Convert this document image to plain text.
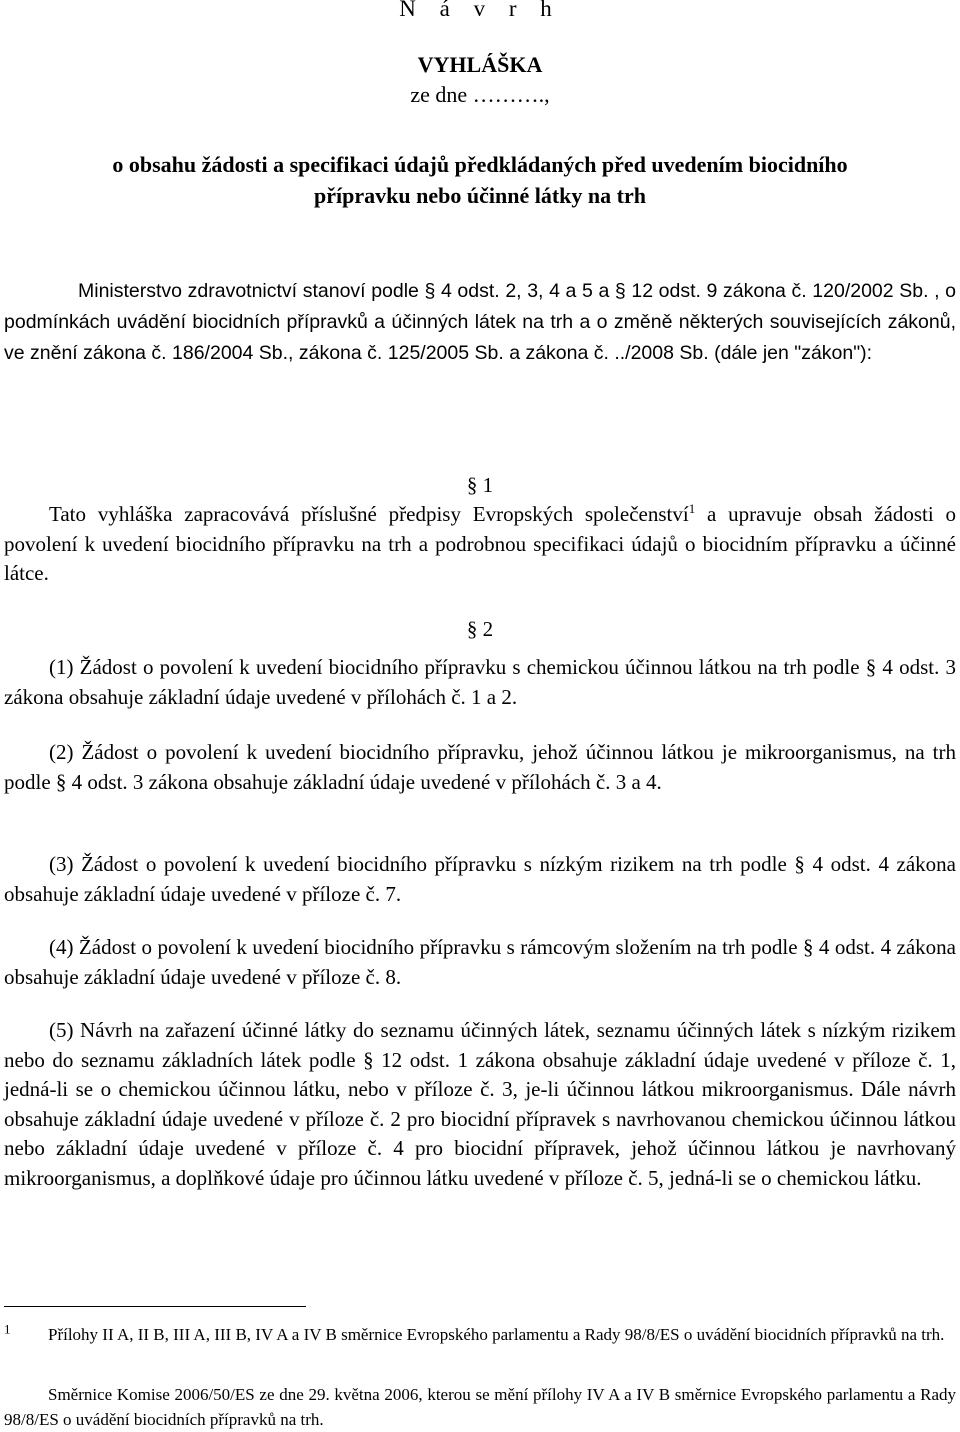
N á v r h
VYHLÁŠKA
ze dne ……….,
o obsahu žádosti a specifikaci údajů předkládaných před uvedením biocidního
přípravku nebo účinné látky na trh

Ministerstvo zdravotnictví stanoví podle § 4 odst. 2, 3, 4 a 5 a § 12 odst. 9 zákona č. 120/2002 Sb. , o podmínkách uvádění biocidních přípravků a účinných látek na trh a o změně některých souvisejících zákonů, ve znění zákona č. 186/2004 Sb., zákona č. 125/2005 Sb. a zákona č. ../2008 Sb. (dále jen "zákon"):

§ 1

Tato vyhláška zapracovává příslušné předpisy Evropských společenství$^1$ a upravuje obsah žádosti o povolení k uvedení biocidního přípravku na trh a podrobnou specifikaci údajů o biocidním přípravku a účinné látce.

§ 2

(1) Žádost o povolení k uvedení biocidního přípravku s chemickou účinnou látkou na trh podle § 4 odst. 3 zákona obsahuje základní údaje uvedené v přílohách č. 1 a 2.

(2) Žádost o povolení k uvedení biocidního přípravku, jehož účinnou látkou je mikroorganismus, na trh podle § 4 odst. 3 zákona obsahuje základní údaje uvedené v přílohách č. 3 a 4.

(3) Žádost o povolení k uvedení biocidního přípravku s nízkým rizikem na trh podle § 4 odst. 4 zákona obsahuje základní údaje uvedené v příloze č. 7.

(4) Žádost o povolení k uvedení biocidního přípravku s rámcovým složením na trh podle § 4 odst. 4 zákona obsahuje základní údaje uvedené v příloze č. 8.

(5) Návrh na zařazení účinné látky do seznamu účinných látek, seznamu účinných látek s nízkým rizikem nebo do seznamu základních látek podle § 12 odst. 1 zákona obsahuje základní údaje uvedené v příloze č. 1, jedná-li se o chemickou účinnou látku, nebo v příloze č. 3, je-li účinnou látkou mikroorganismus. Dále návrh obsahuje základní údaje uvedené v příloze č. 2 pro biocidní přípravek s navrhovanou chemickou účinnou látkou nebo základní údaje uvedené v příloze č. 4 pro biocidní přípravek, jehož účinnou látkou je navrhovaný mikroorganismus, a doplňkové údaje pro účinnou látku uvedené v příloze č. 5, jedná-li se o chemickou látku.

$^1$ Přílohy II A, II B, III A, III B, IV A a IV B směrnice Evropského parlamentu a Rady 98/8/ES o uvádění biocidních přípravků na trh.

Směrnice Komise 2006/50/ES ze dne 29. května 2006, kterou se mění přílohy IV A a IV B směrnice Evropského parlamentu a Rady 98/8/ES o uvádění biocidních přípravků na trh.
